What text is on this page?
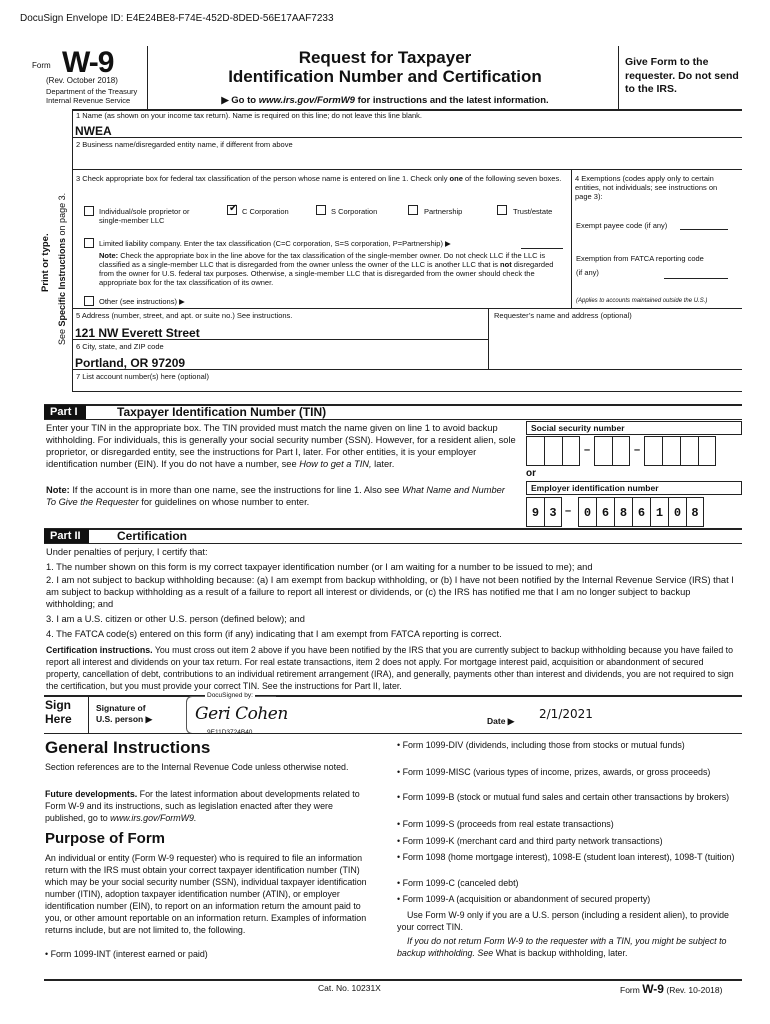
DocuSign Envelope ID: E4E24BE8-F74E-452D-8DED-56E17AAF7233
Form W-9
(Rev. October 2018)
Department of the Treasury
Internal Revenue Service
Request for Taxpayer
Identification Number and Certification
▶ Go to www.irs.gov/FormW9 for instructions and the latest information.
Give Form to the requester. Do not send to the IRS.
Print or type.
See Specific Instructions on page 3.
1 Name (as shown on your income tax return). Name is required on this line; do not leave this line blank.
NWEA
2 Business name/disregarded entity name, if different from above
3 Check appropriate box for federal tax classification of the person whose name is entered on line 1. Check only one of the following seven boxes.
Individual/sole proprietor or single-member LLC
✔
C Corporation	S Corporation	Partnership	Trust/estate
Limited liability company. Enter the tax classification (C=C corporation, S=S corporation, P=Partnership) ▶
Note: Check the appropriate box in the line above for the tax classification of the single-member owner. Do not check LLC if the LLC is classified as a single-member LLC that is disregarded from the owner unless the owner of the LLC is another LLC that is not disregarded from the owner for U.S. federal tax purposes. Otherwise, a single-member LLC that is disregarded from the owner should check the appropriate box for the tax classification of its owner.
Other (see instructions) ▶
4 Exemptions (codes apply only to certain entities, not individuals; see instructions on page 3):
Exempt payee code (if any)
Exemption from FATCA reporting code (if any)
(Applies to accounts maintained outside the U.S.)
5 Address (number, street, and apt. or suite no.) See instructions.
121 NW Everett Street
Requester’s name and address (optional)
6 City, state, and ZIP code
Portland, OR 97209
7 List account number(s) here (optional)
Part I	Taxpayer Identification Number (TIN)
Enter your TIN in the appropriate box. The TIN provided must match the name given on line 1 to avoid backup withholding. For individuals, this is generally your social security number (SSN). However, for a resident alien, sole proprietor, or disregarded entity, see the instructions for Part I, later. For other entities, it is your employer identification number (EIN). If you do not have a number, see How to get a TIN, later.
Note: If the account is in more than one name, see the instructions for line 1. Also see What Name and Number To Give the Requester for guidelines on whose number to enter.
Social security number
–	–
or
Employer identification number
9 3 –	0 6 8 6 1 0 8
Part II	Certification
Under penalties of perjury, I certify that:
1. The number shown on this form is my correct taxpayer identification number (or I am waiting for a number to be issued to me); and
2. I am not subject to backup withholding because: (a) I am exempt from backup withholding, or (b) I have not been notified by the Internal Revenue Service (IRS) that I am subject to backup withholding as a result of a failure to report all interest or dividends, or (c) the IRS has notified me that I am no longer subject to backup withholding; and
3. I am a U.S. citizen or other U.S. person (defined below); and
4. The FATCA code(s) entered on this form (if any) indicating that I am exempt from FATCA reporting is correct.
Certification instructions. You must cross out item 2 above if you have been notified by the IRS that you are currently subject to backup withholding because you have failed to report all interest and dividends on your tax return. For real estate transactions, item 2 does not apply. For mortgage interest paid, acquisition or abandonment of secured property, cancellation of debt, contributions to an individual retirement arrangement (IRA), and generally, payments other than interest and dividends, you are not required to sign the certification, but you must provide your correct TIN. See the instructions for Part II, later.
Sign Here
Signature of
U.S. person ▶
DocuSigned by:
Geri Cohen
9E11D3724B40...
Date ▶ 2/1/2021
General Instructions
Section references are to the Internal Revenue Code unless otherwise noted.
Future developments. For the latest information about developments related to Form W-9 and its instructions, such as legislation enacted after they were published, go to www.irs.gov/FormW9.
Purpose of Form
An individual or entity (Form W-9 requester) who is required to file an information return with the IRS must obtain your correct taxpayer identification number (TIN) which may be your social security number (SSN), individual taxpayer identification number (ITIN), adoption taxpayer identification number (ATIN), or employer identification number (EIN), to report on an information return the amount paid to you, or other amount reportable on an information return. Examples of information returns include, but are not limited to, the following.
• Form 1099-INT (interest earned or paid)
• Form 1099-DIV (dividends, including those from stocks or mutual funds)
• Form 1099-MISC (various types of income, prizes, awards, or gross proceeds)
• Form 1099-B (stock or mutual fund sales and certain other transactions by brokers)
• Form 1099-S (proceeds from real estate transactions)
• Form 1099-K (merchant card and third party network transactions)
• Form 1098 (home mortgage interest), 1098-E (student loan interest), 1098-T (tuition)
• Form 1099-C (canceled debt)
• Form 1099-A (acquisition or abandonment of secured property)
Use Form W-9 only if you are a U.S. person (including a resident alien), to provide your correct TIN.
If you do not return Form W-9 to the requester with a TIN, you might be subject to backup withholding. See What is backup withholding, later.
Cat. No. 10231X	Form W-9 (Rev. 10-2018)
